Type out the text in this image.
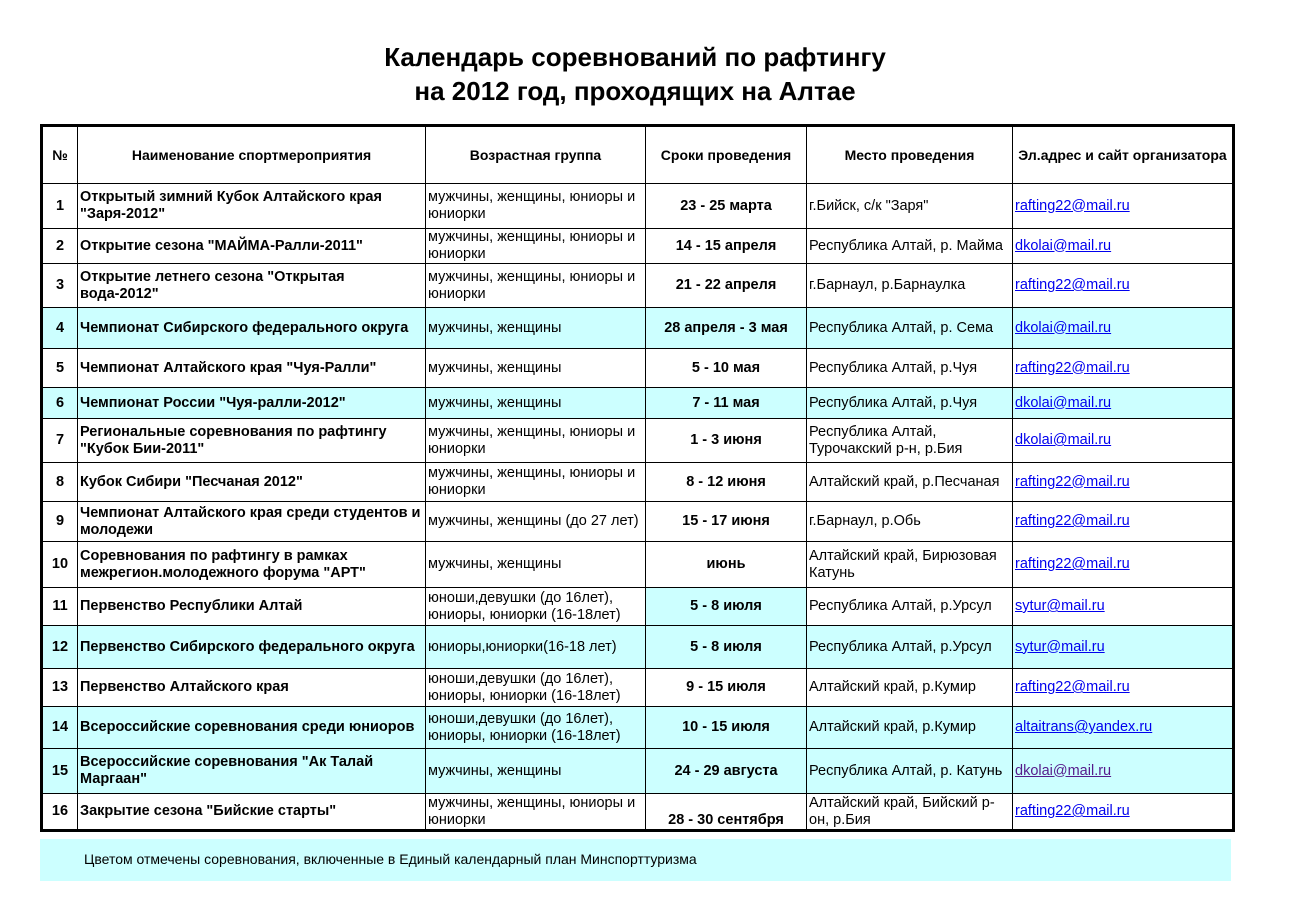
Календарь соревнований по рафтингу
на 2012 год, проходящих на Алтае
№	Наименование спортмероприятия	Возрастная группа	Сроки проведения	Место проведения	Эл.адрес и сайт организатора
1	Открытый зимний Кубок Алтайского края "Заря-2012"	мужчины, женщины, юниоры и юниорки	23 - 25 марта	г.Бийск, с/к "Заря"	rafting22@mail.ru
2	Открытие сезона "МАЙМА-Ралли-2011"	мужчины, женщины, юниоры и юниорки	14 - 15 апреля	Республика Алтай, р. Майма	dkolai@mail.ru
3	Открытие летнего сезона "Открытая вода-2012"	мужчины, женщины, юниоры и юниорки	21 - 22 апреля	г.Барнаул, р.Барнаулка	rafting22@mail.ru
4	Чемпионат Сибирского федерального округа	мужчины, женщины	28 апреля - 3 мая	Республика Алтай, р. Сема	dkolai@mail.ru
5	Чемпионат Алтайского края "Чуя-Ралли"	мужчины, женщины	5 - 10 мая	Республика Алтай, р.Чуя	rafting22@mail.ru
6	Чемпионат России "Чуя-ралли-2012"	мужчины, женщины	7 - 11 мая	Республика Алтай, р.Чуя	dkolai@mail.ru
7	Региональные соревнования по рафтингу "Кубок Бии-2011"	мужчины, женщины, юниоры и юниорки	1 - 3 июня	Республика Алтай, Турочакский р-н, р.Бия	dkolai@mail.ru
8	Кубок Сибири "Песчаная 2012"	мужчины, женщины, юниоры и юниорки	8 - 12 июня	Алтайский край, р.Песчаная	rafting22@mail.ru
9	Чемпионат Алтайского края среди студентов и молодежи	мужчины, женщины (до 27 лет)	15 - 17 июня	г.Барнаул, р.Обь	rafting22@mail.ru
10	Соревнования по рафтингу в рамках межрегион.молодежного форума "АРТ"	мужчины, женщины	июнь	Алтайский край, Бирюзовая Катунь	rafting22@mail.ru
11	Первенство Республики Алтай	юноши,девушки (до 16лет), юниоры, юниорки (16-18лет)	5 - 8 июля	Республика Алтай, р.Урсул	sytur@mail.ru
12	Первенство Сибирского федерального округа	юниоры,юниорки(16-18 лет)	5 - 8 июля	Республика Алтай, р.Урсул	sytur@mail.ru
13	Первенство Алтайского края	юноши,девушки (до 16лет), юниоры, юниорки (16-18лет)	9 - 15 июля	Алтайский край, р.Кумир	rafting22@mail.ru
14	Всероссийские соревнования среди юниоров	юноши,девушки (до 16лет), юниоры, юниорки (16-18лет)	10 - 15 июля	Алтайский край, р.Кумир	altaitrans@yandex.ru
15	Всероссийские соревнования "Ак Талай Маргаан"	мужчины, женщины	24 - 29 августа	Республика Алтай, р. Катунь	dkolai@mail.ru
16	Закрытие сезона "Бийские старты"	мужчины, женщины, юниоры и юниорки	28 - 30 сентября	Алтайский край, Бийский р-он, р.Бия	rafting22@mail.ru
Цветом отмечены соревнования, включенные в Единый календарный план Минспорттуризма
